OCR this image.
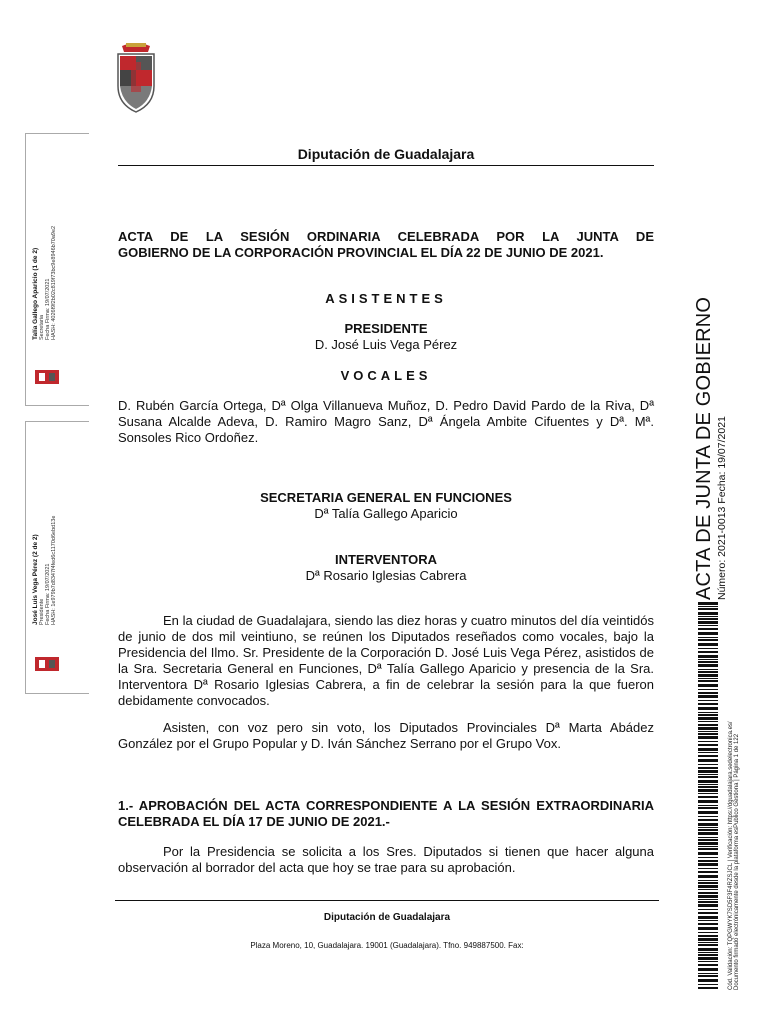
Diputación de Guadalajara
ACTA DE LA SESIÓN ORDINARIA CELEBRADA POR LA JUNTA DE
GOBIERNO DE LA CORPORACIÓN PROVINCIAL EL DÍA 22 DE JUNIO DE 2021.
ASISTENTES
PRESIDENTE
D. José Luis Vega Pérez
VOCALES
D. Rubén García Ortega, Dª Olga Villanueva Muñoz, D. Pedro David Pardo de la Riva, Dª Susana Alcalde Adeva, D. Ramiro Magro Sanz, Dª Ángela Ambite Cifuentes y Dª. Mª. Sonsoles Rico Ordoñez.
SECRETARIA GENERAL EN FUNCIONES
Dª Talía Gallego Aparicio
INTERVENTORA
Dª Rosario Iglesias Cabrera
En la ciudad de Guadalajara, siendo las diez horas y cuatro minutos del día veintidós de junio de dos mil veintiuno, se reúnen los Diputados reseñados como vocales, bajo la Presidencia del Ilmo. Sr. Presidente de la Corporación D. José Luis Vega Pérez, asistidos de la Sra. Secretaria General en Funciones, Dª Talía Gallego Aparicio y presencia de la Sra. Interventora Dª Rosario Iglesias Cabrera, a fin de celebrar la sesión para la que fueron debidamente convocados.
Asisten, con voz pero sin voto, los Diputados Provinciales Dª Marta Abádez González por el Grupo Popular y D. Iván Sánchez Serrano por el Grupo Vox.
1.- APROBACIÓN DEL ACTA CORRESPONDIENTE A LA SESIÓN EXTRAORDINARIA CELEBRADA EL DÍA 17 DE JUNIO DE 2021.-
Por la Presidencia se solicita a los Sres. Diputados si tienen que hacer alguna observación al borrador del acta que hoy se trae para su aprobación.
Diputación de Guadalajara
Plaza Moreno, 10, Guadalajara. 19001 (Guadalajara). Tfno. 949887500. Fax:
Talía Gallego Aparicio (1 de 2) Secretaria Fecha Firma: 19/07/2021 HASH: 4026f9f2b02c819f73bc9e8946b70a9e2
José Luis Vega Pérez (2 de 2) Presidente Fecha Firma: 19/07/2021 HASH: 1e979b7d8347f4fed6c1170d6ebd13e	ACTA DE JUNTA DE GOBIERNO Número: 2021-0013 Fecha: 19/07/2021
Cód. Validación: TQPGWYK7SD5F3F4RZSJCL | Verificación: https://dguadalajara.sedelectronica.es/ Documento firmado electrónicamente desde la plataforma esPublico Gestiona | Página 1 de 122
